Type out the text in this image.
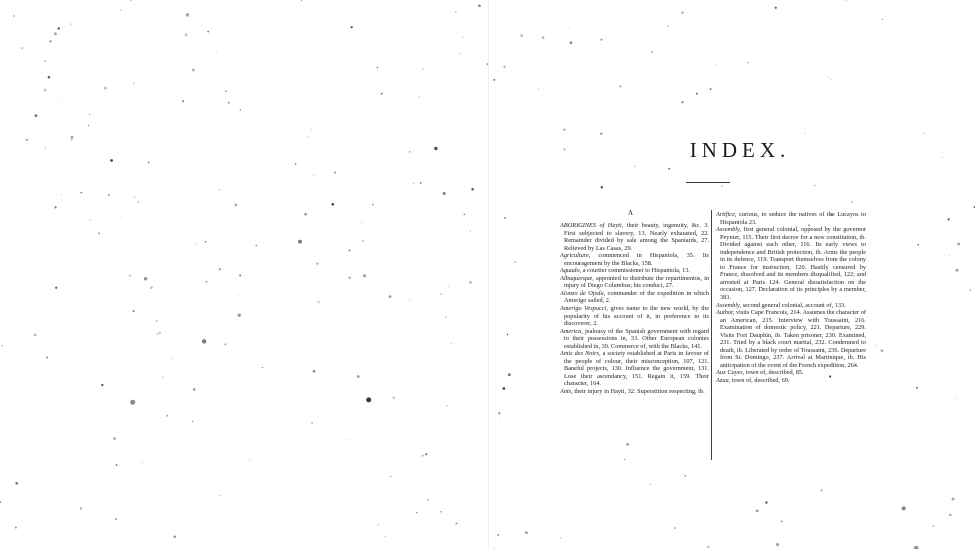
INDEX.
A

ABORIGINES of Hayti, their beauty, ingenuity, &c. 3. First subjected to slavery, 13. Nearly exhausted, 22. Remainder divided by sale among the Spaniards, 27. Relieved by Las Casas, 29.

Agriculture, commenced in Hispaniola, 35. Its encouragement by the Blacks, 158.

Aguado, a courtier commissioner to Hispaniola, 13.

Albuquerque, appointed to distribute the repartimentos, in injury of Diego Columbus; his conduct, 27.

Alonzo de Ojeda, commander of the expedition in which Amerigo sailed, 2.

Amerigo Vespucci, gives name to the new world, by the popularity of his account of it, in preference to its discoverer, 2.

America, jealousy of the Spanish government with regard to their possessions in, 33. Other European colonies established in, 39. Commerce of, with the Blacks, 141.

Amis des Noirs, a society established at Paris in favour of the people of colour, their misconception, 107, 121. Baneful projects, 130. Influence the government, 131. Lose their ascendancy, 151. Regain it, 159. Their character, 164.

Ants, their injury in Hayti, 32. Superstition respecting, ib.

Artifice, curious, to seduce the natives of the Lucayos to Hispaniola 23.

Assembly, first general colonial, opposed by the governor Peynier, 115. Their first decree for a new constitution, ib. Divided against each other, 116. Its early views to independence and British protection, ib. Arms the people in its defence, 119. Transport themselves from the colony to France for instruction, 120. Hastily censured by France, dissolved and its members disqualified, 122; and arrested at Paris 124. General dissatisfaction on the occasion, 127. Declaration of its principles by a member, 383.

Assembly, second general colonial, account of, 133.

Author, visits Cape Francois, 214. Assumes the character of an American, 215. Interview with Toussaint, 216. Examination of domestic policy, 221. Departure, 229. Visits Fort Dauphin, ib. Taken prisoner, 230. Examined, 231. Tried by a black court martial, 232. Condemned to death, ib. Liberated by order of Toussaint, 236. Departure from St. Domingo, 237. Arrival at Martinique, ib. His anticipation of the event of the French expedition, 264.

Aux Cayes, town of, described, 85.

Azua, town of, described, 69.
